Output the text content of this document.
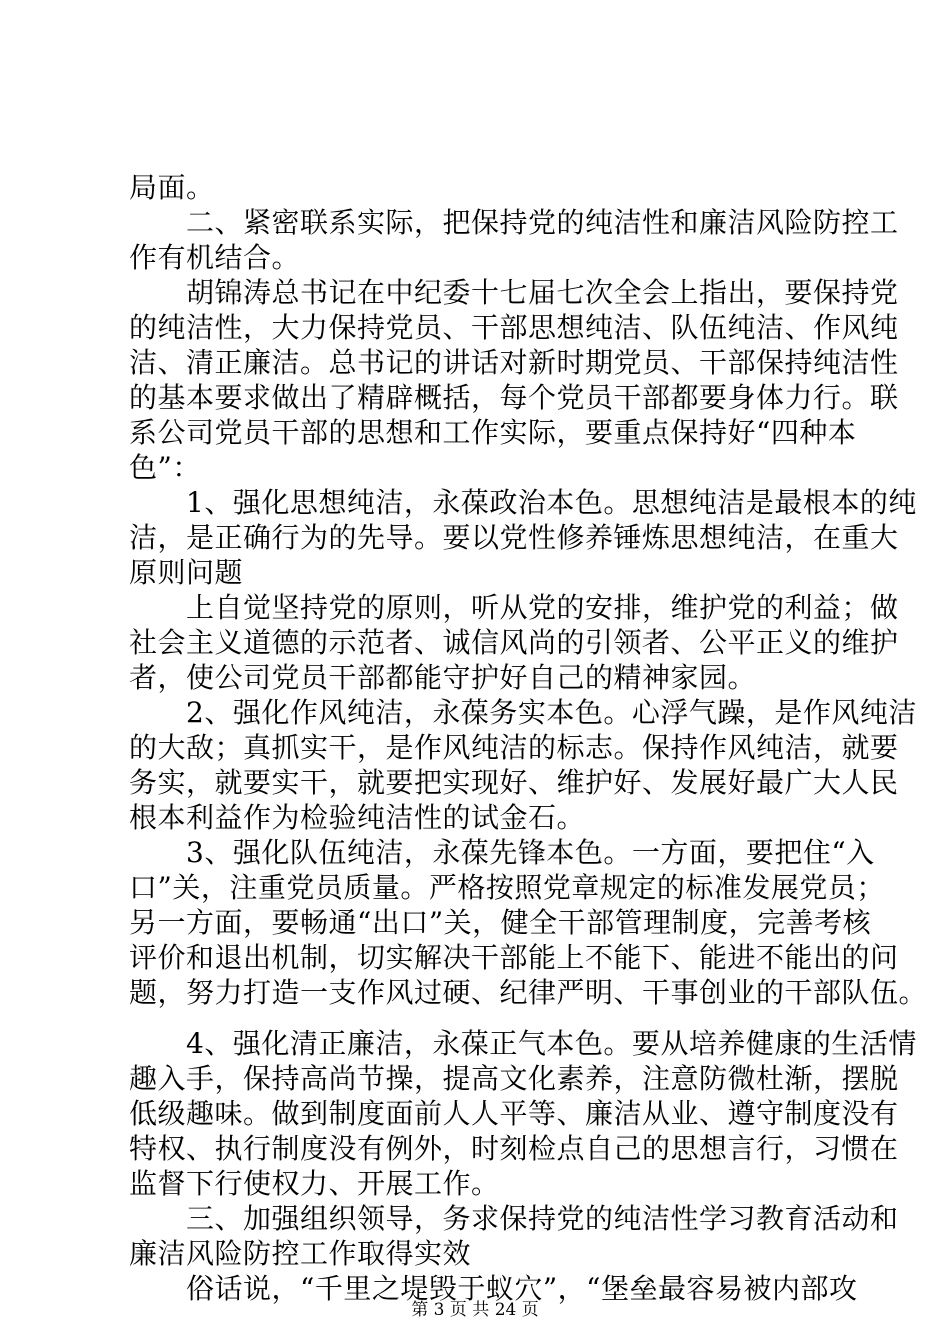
局面。
　　二、紧密联系实际，把保持党的纯洁性和廉洁风险防控工
作有机结合。
　　胡锦涛总书记在中纪委十七届七次全会上指出，要保持党
的纯洁性，大力保持党员、干部思想纯洁、队伍纯洁、作风纯
洁、清正廉洁。总书记的讲话对新时期党员、干部保持纯洁性
的基本要求做出了精辟概括，每个党员干部都要身体力行。联
系公司党员干部的思想和工作实际，要重点保持好“四种本
色”：
　　1、强化思想纯洁，永葆政治本色。思想纯洁是最根本的纯
洁，是正确行为的先导。要以党性修养锤炼思想纯洁，在重大
原则问题
　　上自觉坚持党的原则，听从党的安排，维护党的利益；做
社会主义道德的示范者、诚信风尚的引领者、公平正义的维护
者，使公司党员干部都能守护好自己的精神家园。
　　2、强化作风纯洁，永葆务实本色。心浮气躁，是作风纯洁
的大敌；真抓实干，是作风纯洁的标志。保持作风纯洁，就要
务实，就要实干，就要把实现好、维护好、发展好最广大人民
根本利益作为检验纯洁性的试金石。
　　3、强化队伍纯洁，永葆先锋本色。一方面，要把住“入
口”关，注重党员质量。严格按照党章规定的标准发展党员；
另一方面，要畅通“出口”关，健全干部管理制度，完善考核
评价和退出机制，切实解决干部能上不能下、能进不能出的问
题，努力打造一支作风过硬、纪律严明、干事创业的干部队伍。
　　4、强化清正廉洁，永葆正气本色。要从培养健康的生活情
趣入手，保持高尚节操，提高文化素养，注意防微杜渐，摆脱
低级趣味。做到制度面前人人平等、廉洁从业、遵守制度没有
特权、执行制度没有例外，时刻检点自己的思想言行，习惯在
监督下行使权力、开展工作。
　　三、加强组织领导，务求保持党的纯洁性学习教育活动和
廉洁风险防控工作取得实效
　　俗话说，“千里之堤毁于蚁穴”，“堡垒最容易被内部攻
第 3 页 共 24 页
